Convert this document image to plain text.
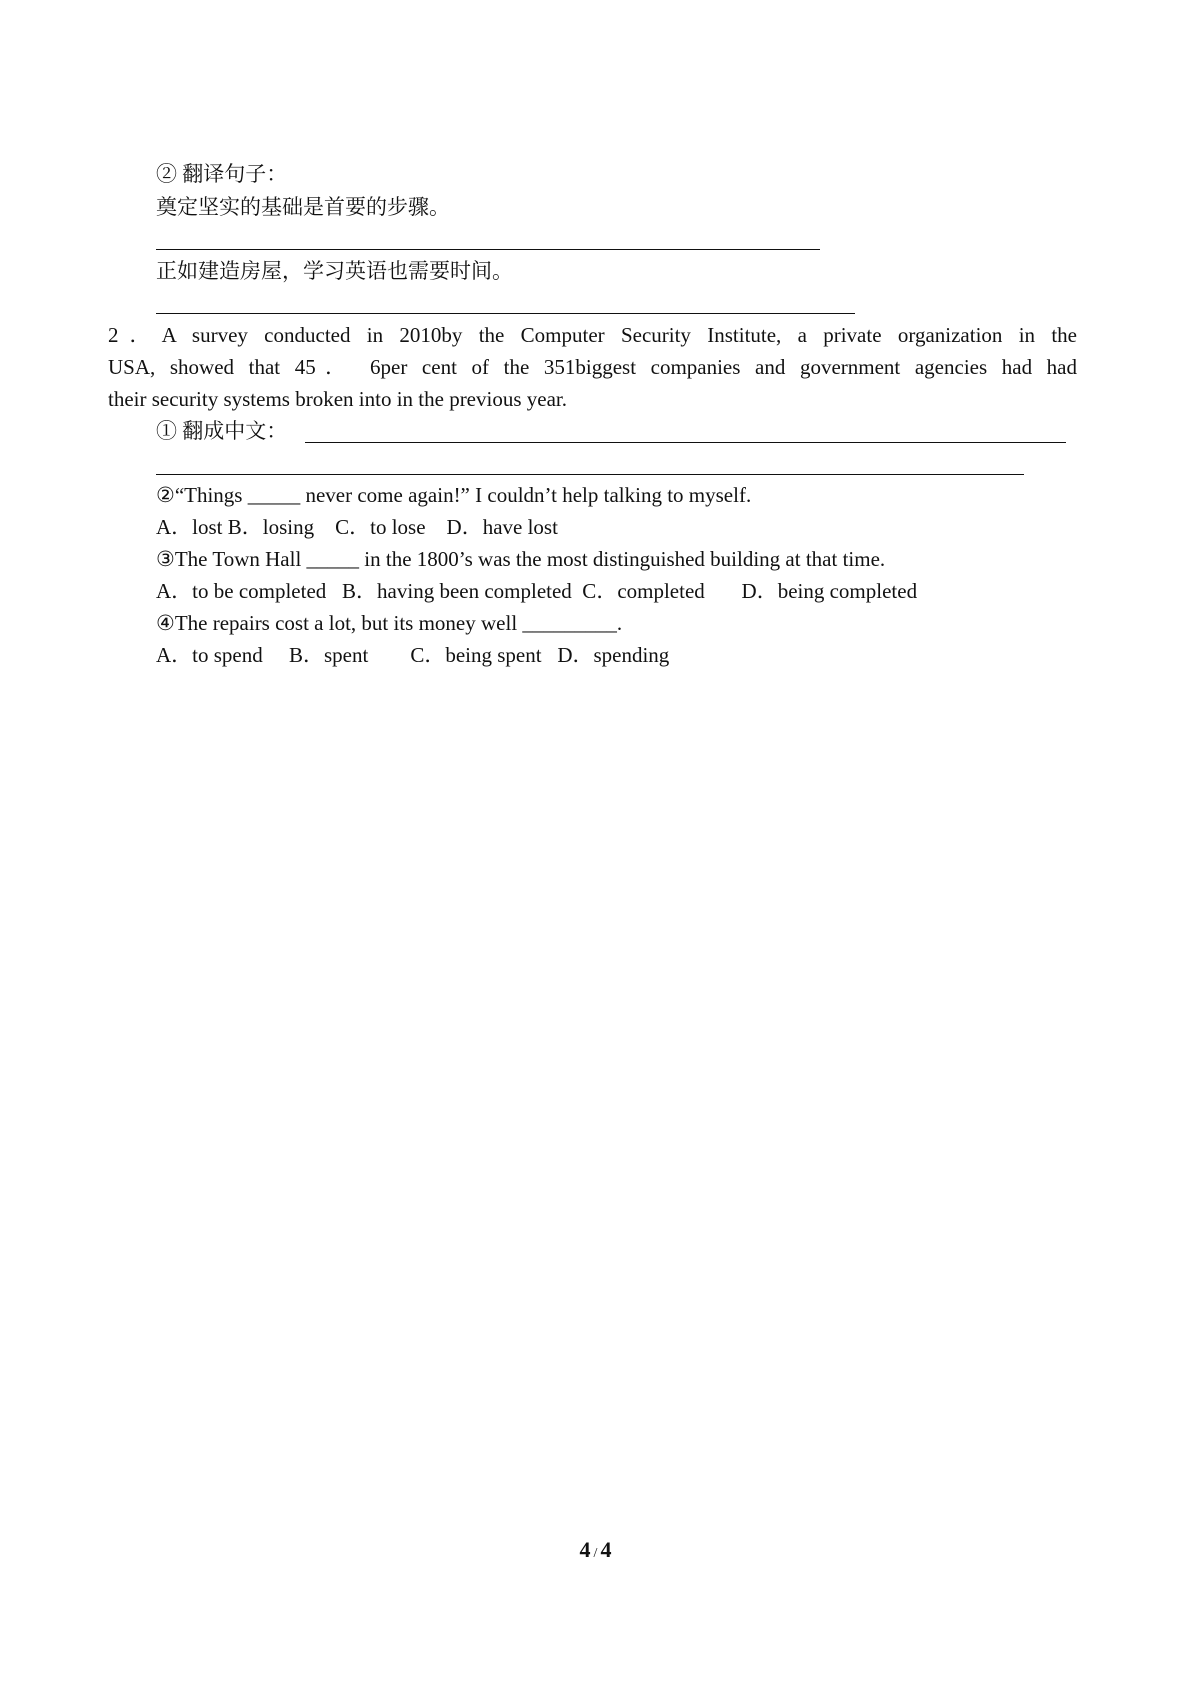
② 翻译句子：
奠定坚实的基础是首要的步骤。
正如建造房屋，学习英语也需要时间。
2．A survey conducted in 2010by the Computer Security Institute, a private organization in the
USA, showed that 45． 6per cent of the 351biggest companies and government agencies had had
their security systems broken into in the previous year.
① 翻成中文：
②“Things _____ never come again!” I couldn’t help talking to myself.
A．lost B．losing    C．to lose    D．have lost
③The Town Hall _____ in the 1800’s was the most distinguished building at that time.
A．to be completed   B．having been completed  C．completed       D．being completed
④The repairs cost a lot, but its money well _________.
A．to spend     B．spent        C．being spent   D．spending
4 / 4
